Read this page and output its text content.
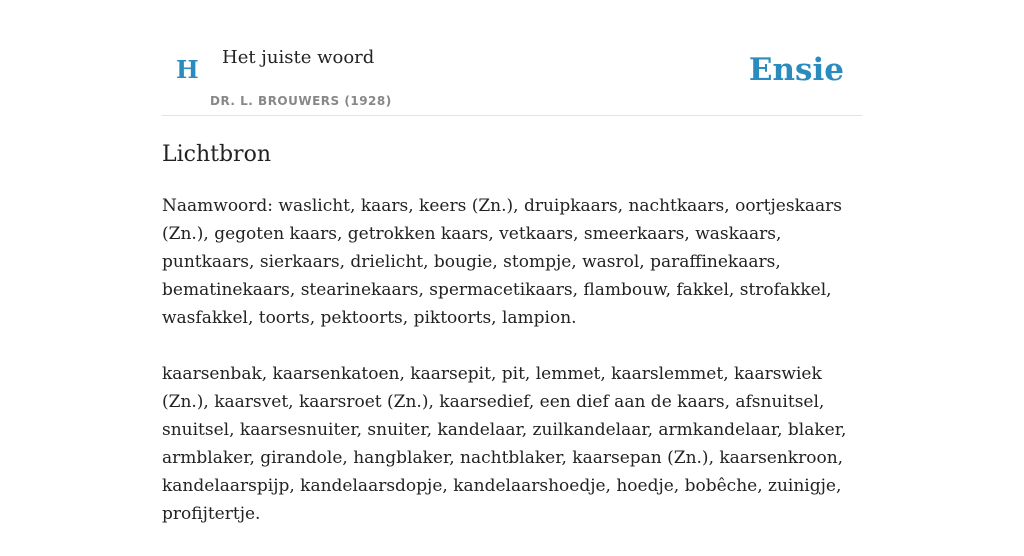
H Het juiste woord
DR. L. BROUWERS (1928)
Ensie
Lichtbron

Naamwoord: waslicht, kaars, keers (Zn.), druipkaars, nachtkaars, oortjeskaars (Zn.), gegoten kaars, getrokken kaars, vetkaars, smeerkaars, waskaars, puntkaars, sierkaars, drielicht, bougie, stompje, wasrol, paraffinekaars, bematinekaars, stearinekaars, spermacetikaars, flambouw, fakkel, strofakkel, wasfakkel, toorts, pektoorts, piktoorts, lampion.

kaarsenbak, kaarsenkatoen, kaarsepit, pit, lemmet, kaarslemmet, kaarswiek (Zn.), kaarsvet, kaarsroet (Zn.), kaarsedief, een dief aan de kaars, afsnuitsel, snuitsel, kaarsesnuiter, snuiter, kandelaar, zuilkandelaar, armkandelaar, blaker, armblaker, girandole, hangblaker, nachtblaker, kaarsepan (Zn.), kaarsenkroon, kandelaarspijp, kandelaarsdopje, kandelaarshoedje, hoedje, bobêche, zuinigje, profijtertje.
